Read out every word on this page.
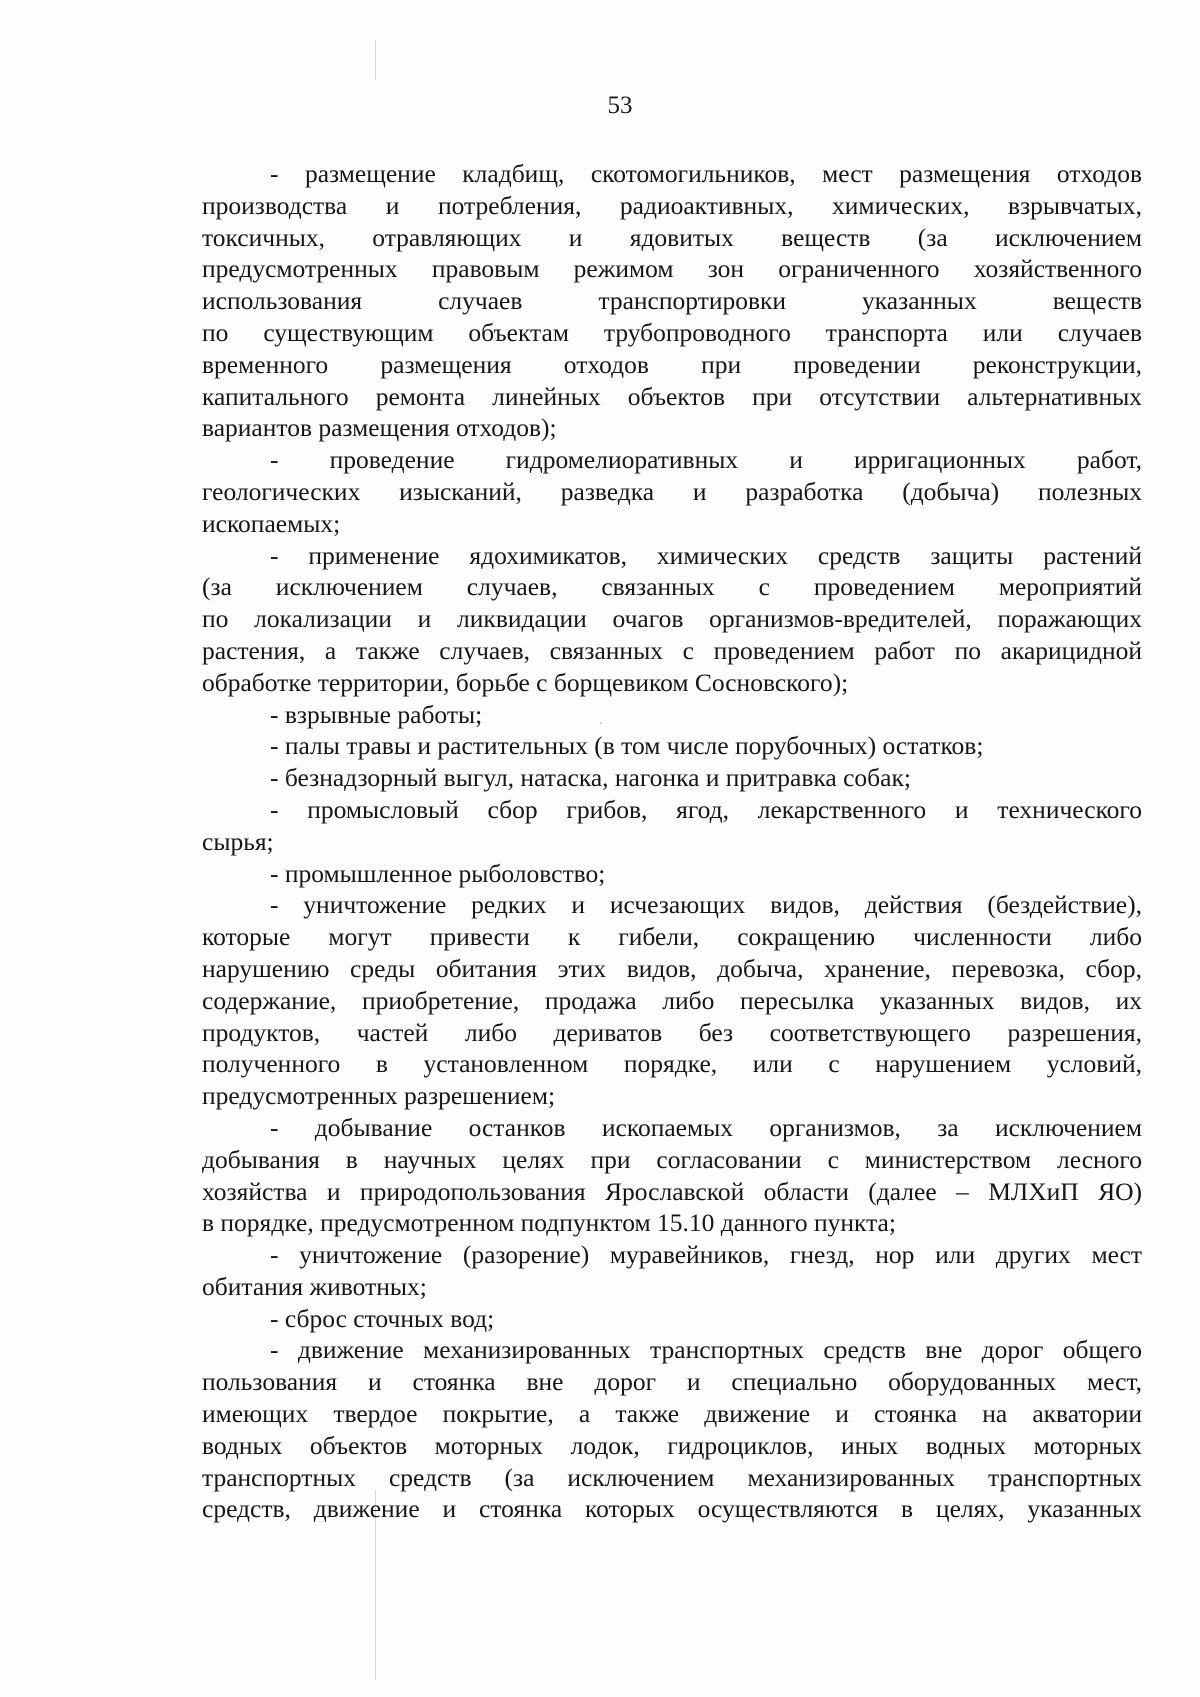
53
- размещение кладбищ, скотомогильников, мест размещения отходов
производства и потребления, радиоактивных, химических, взрывчатых,
токсичных, отравляющих и ядовитых веществ (за исключением
предусмотренных правовым режимом зон ограниченного хозяйственного
использования случаев транспортировки указанных веществ
по существующим объектам трубопроводного транспорта или случаев
временного размещения отходов при проведении реконструкции,
капитального ремонта линейных объектов при отсутствии альтернативных
вариантов размещения отходов);
- проведение гидромелиоративных и ирригационных работ,
геологических изысканий, разведка и разработка (добыча) полезных
ископаемых;
- применение ядохимикатов, химических средств защиты растений
(за исключением случаев, связанных с проведением мероприятий
по локализации и ликвидации очагов организмов-вредителей, поражающих
растения, а также случаев, связанных с проведением работ по акарицидной
обработке территории, борьбе с борщевиком Сосновского);
- взрывные работы;
- палы травы и растительных (в том числе порубочных) остатков;
- безнадзорный выгул, натаска, нагонка и притравка собак;
- промысловый сбор грибов, ягод, лекарственного и технического
сырья;
- промышленное рыболовство;
- уничтожение редких и исчезающих видов, действия (бездействие),
которые могут привести к гибели, сокращению численности либо
нарушению среды обитания этих видов, добыча, хранение, перевозка, сбор,
содержание, приобретение, продажа либо пересылка указанных видов, их
продуктов, частей либо дериватов без соответствующего разрешения,
полученного в установленном порядке, или с нарушением условий,
предусмотренных разрешением;
- добывание останков ископаемых организмов, за исключением
добывания в научных целях при согласовании с министерством лесного
хозяйства и природопользования Ярославской области (далее – МЛХиП ЯО)
в порядке, предусмотренном подпунктом 15.10 данного пункта;
- уничтожение (разорение) муравейников, гнезд, нор или других мест
обитания животных;
- сброс сточных вод;
- движение механизированных транспортных средств вне дорог общего
пользования и стоянка вне дорог и специально оборудованных мест,
имеющих твердое покрытие, а также движение и стоянка на акватории
водных объектов моторных лодок, гидроциклов, иных водных моторных
транспортных средств (за исключением механизированных транспортных
средств, движение и стоянка которых осуществляются в целях, указанных
